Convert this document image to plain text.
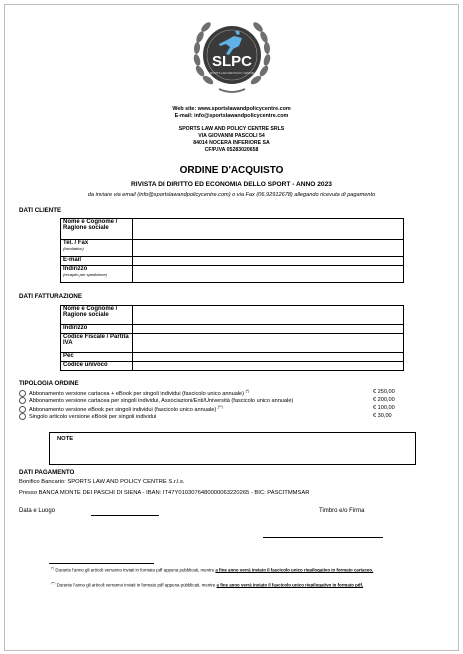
SLPC
SPORTS LAW AND POLICY CENTRE
Web site: www.sportslawandpolicycentre.com
E-mail: info@sportslawandpolicycentre.com
SPORTS LAW AND POLICY CENTRE SRLS
VIA GIOVANNI PASCOLI 54
84014 NOCERA INFERIORE SA
CF/P.IVA 05283020658
ORDINE D'ACQUISTO
RIVISTA DI DIRITTO ED ECONOMIA DELLO SPORT - ANNO 2023
da inviare via email (info@sportslawandpolicycentre.com) o via Fax (06.92912678) allegando ricevuta di pagamento
DATI CLIENTE
Nome e Cognome / Ragione sociale	
Tel. / Fax
(facoltativo)	

E-mail	
Indirizzo
(recapito per spedizione)	

DATI FATTURAZIONE
Nome e Cognome / Ragione sociale	
Indirizzo	
Codice Fiscale / Partita IVA	
Pec	
Codice univoco	
TIPOLOGIA ORDINE
Abbonamento versione cartacea + eBook per singoli individui (fascicolo unico annuale) (*)	€ 250,00
Abbonamento versione cartacea per singoli individui, Associazioni/Enti/Università (fascicolo unico annuale)	€ 200,00
Abbonamento versione eBook per singoli individui (fascicolo unico annuale) (**)	€ 100,00
Singolo articolo versione eBook per singoli individui	€ 30,00
NOTE
DATI PAGAMENTO
Bonifico Bancario: SPORTS LAW AND POLICY CENTRE S.r.l.s.
Presso BANCA MONTE DEI PASCHI DI SIENA - IBAN: IT47Y0103076480000063220265 - BIC: PASCITMMSAR
Data e Luogo	Timbro e/o Firma
(*) Durante l'anno gli articoli verranno inviati in formato pdf appena pubblicati, mentre a fine anno verrà inviato il fascicolo unico riepilogativo in formato cartaceo.
(**) Durante l'anno gli articoli verranno inviati in formato pdf appena pubblicati, mentre a fine anno verrà inviato il fascicolo unico riepilogativo in formato pdf.
